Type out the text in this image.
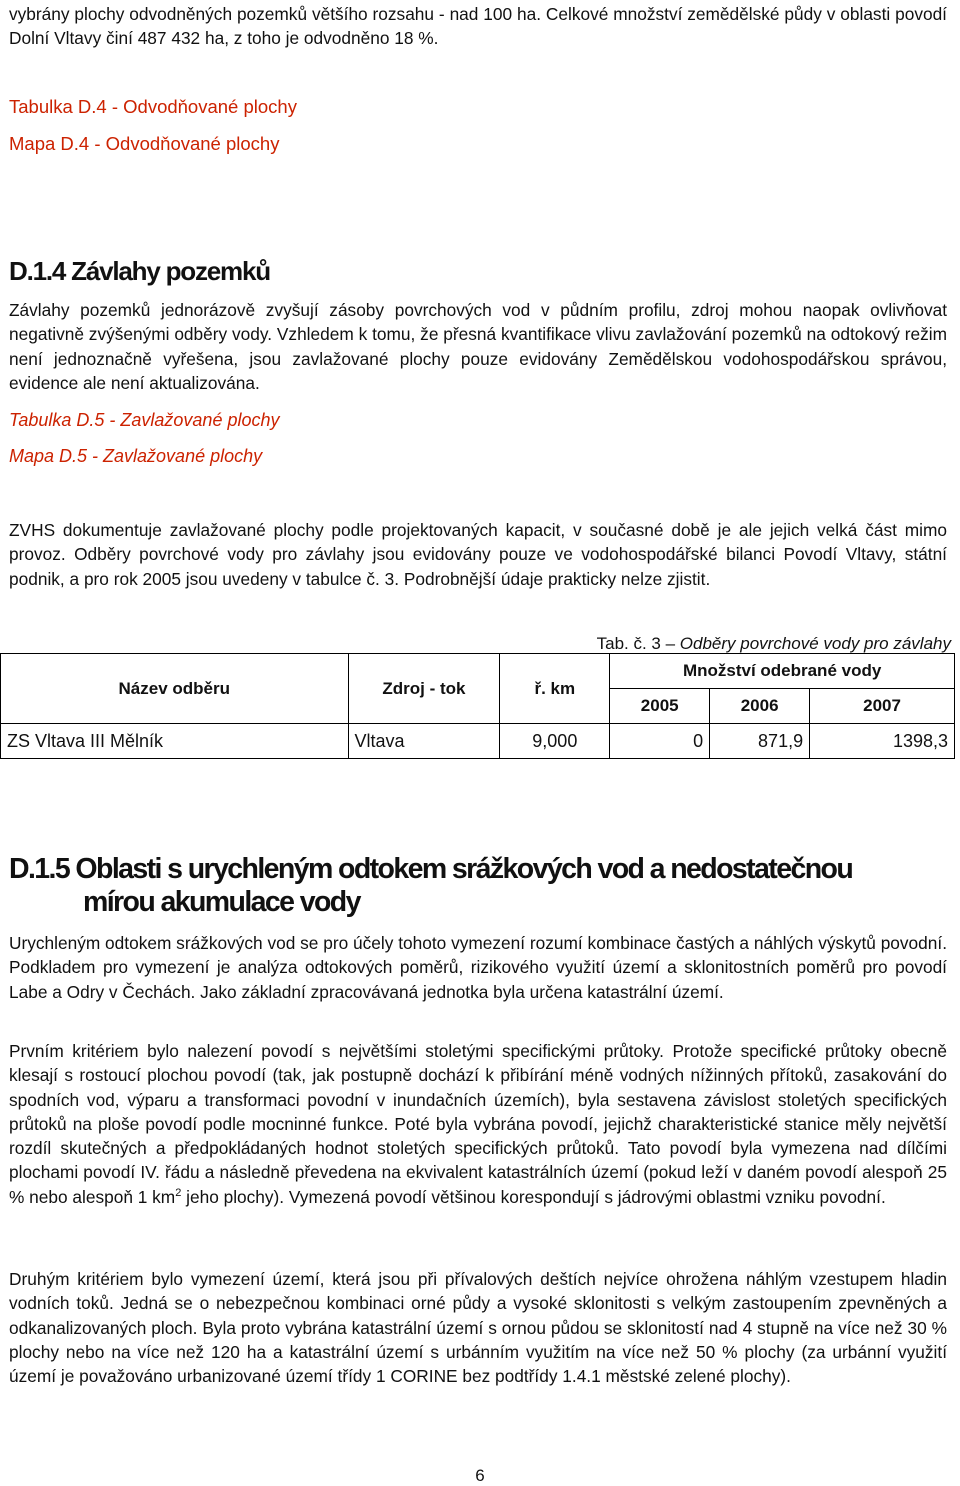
vybrány plochy odvodněných pozemků většího rozsahu - nad 100 ha. Celkové množství zemědělské půdy v oblasti povodí Dolní Vltavy činí 487 432 ha, z toho je odvodněno 18 %.

Tabulka D.4 - Odvodňované plochy
Mapa D.4 - Odvodňované plochy
D.1.4 Závlahy pozemků

Závlahy pozemků jednorázově zvyšují zásoby povrchových vod v půdním profilu, zdroj mohou naopak ovlivňovat negativně zvýšenými odběry vody. Vzhledem k tomu, že přesná kvantifikace vlivu zavlažování pozemků na odtokový režim není jednoznačně vyřešena, jsou zavlažované plochy pouze evidovány Zemědělskou vodohospodářskou správou, evidence ale není aktualizována.

Tabulka D.5 - Zavlažované plochy
Mapa D.5 - Zavlažované plochy

ZVHS dokumentuje zavlažované plochy podle projektovaných kapacit, v současné době je ale jejich velká část mimo provoz. Odběry povrchové vody pro závlahy jsou evidovány pouze ve vodohospodářské bilanci Povodí Vltavy, státní podnik, a pro rok 2005 jsou uvedeny v tabulce č. 3. Podrobnější údaje prakticky nelze zjistit.

Tab. č. 3 – Odběry povrchové vody pro závlahy
Název odběru	Zdroj - tok	ř. km	Množství odebrané vody		
			2005	2006	2007
ZS Vltava III Mělník	Vltava	9,000	0	871,9	1398,3
D.1.5 Oblasti s urychleným odtokem srážkových vod a nedostatečnou
mírou akumulace vody

Urychleným odtokem srážkových vod se pro účely tohoto vymezení rozumí kombinace častých a náhlých výskytů povodní. Podkladem pro vymezení je analýza odtokových poměrů, rizikového využití území a sklonitostních poměrů pro povodí Labe a Odry v Čechách. Jako základní zpracovávaná jednotka byla určena katastrální území.

Prvním kritériem bylo nalezení povodí s největšími stoletými specifickými průtoky. Protože specifické průtoky obecně klesají s rostoucí plochou povodí (tak, jak postupně dochází k přibírání méně vodných nížinných přítoků, zasakování do spodních vod, výparu a transformaci povodní v inundačních územích), byla sestavena závislost stoletých specifických průtoků na ploše povodí podle mocninné funkce. Poté byla vybrána povodí, jejichž charakteristické stanice měly největší rozdíl skutečných a předpokládaných hodnot stoletých specifických průtoků. Tato povodí byla vymezena nad dílčími plochami povodí IV. řádu a následně převedena na ekvivalent katastrálních území (pokud leží v daném povodí alespoň 25 % nebo alespoň 1 $km^2$ jeho plochy). Vymezená povodí většinou korespondují s jádrovými oblastmi vzniku povodní.

Druhým kritériem bylo vymezení území, která jsou při přívalových deštích nejvíce ohrožena náhlým vzestupem hladin vodních toků. Jedná se o nebezpečnou kombinaci orné půdy a vysoké sklonitosti s velkým zastoupením zpevněných a odkanalizovaných ploch. Byla proto vybrána katastrální území s ornou půdou se sklonitostí nad 4 stupně na více než 30 % plochy nebo na více než 120 ha a katastrální území s urbánním využitím na více než 50 % plochy (za urbánní využití území je považováno urbanizované území třídy 1 CORINE bez podtřídy 1.4.1 městské zelené plochy).

6
